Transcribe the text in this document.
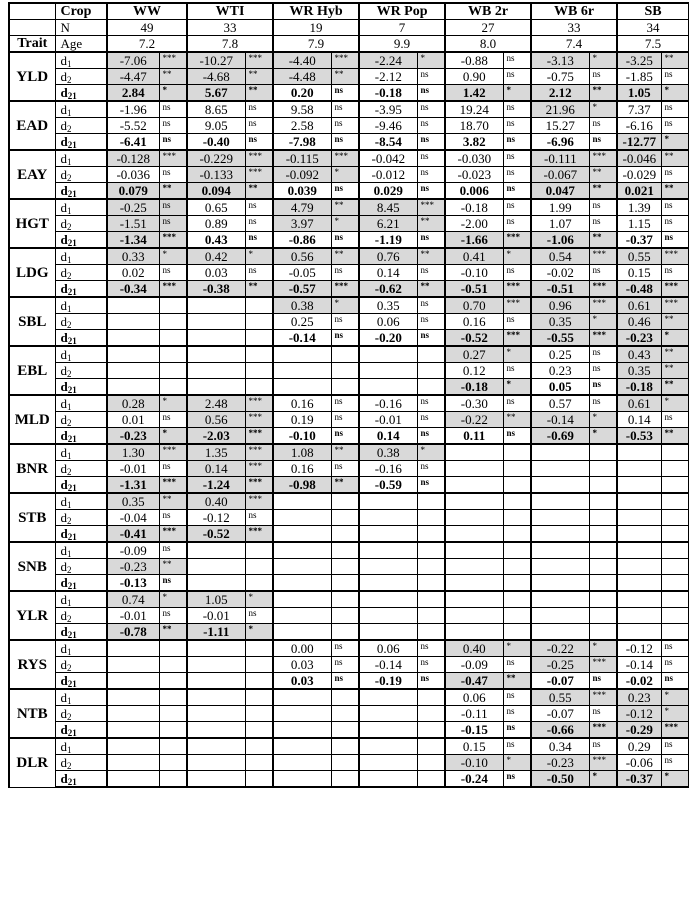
	Crop	WW		WTI		WR Hyb		WR Pop		WB 2r		WB 6r		SB	
	N	49		33		19		7		27		33		34	
Trait	Age	7.2		7.8		7.9		9.9		8.0		7.4		7.5	
YLD	$d_1$	-7.06	***	-10.27	***	-4.40	***	-2.24	*	-0.88	ns	-3.13	*	-3.25	**
	$d_2$	-4.47	**	-4.68	**	-4.48	**	-2.12	ns	0.90	ns	-0.75	ns	-1.85	ns
	$d_{21}$	2.84	*	5.67	**	0.20	ns	-0.18	ns	1.42	*	2.12	**	1.05	*
EAD	$d_1$	-1.96	ns	8.65	ns	9.58	ns	-3.95	ns	19.24	ns	21.96	*	7.37	ns
	$d_2$	-5.52	ns	9.05	ns	2.58	ns	-9.46	ns	18.70	ns	15.27	ns	-6.16	ns
	$d_{21}$	-6.41	ns	-0.40	ns	-7.98	ns	-8.54	ns	3.82	ns	-6.96	ns	-12.77	*
EAY	$d_1$	-0.128	***	-0.229	***	-0.115	***	-0.042	ns	-0.030	ns	-0.111	***	-0.046	**
	$d_2$	-0.036	ns	-0.133	***	-0.092	*	-0.012	ns	-0.023	ns	-0.067	**	-0.029	ns
	$d_{21}$	0.079	**	0.094	**	0.039	ns	0.029	ns	0.006	ns	0.047	**	0.021	**
HGT	$d_1$	-0.25	ns	0.65	ns	4.79	**	8.45	***	-0.18	ns	1.99	ns	1.39	ns
	$d_2$	-1.51	ns	0.89	ns	3.97	*	6.21	**	-2.00	ns	1.07	ns	1.15	ns
	$d_{21}$	-1.34	***	0.43	ns	-0.86	ns	-1.19	ns	-1.66	***	-1.06	**	-0.37	ns
LDG	$d_1$	0.33	*	0.42	*	0.56	**	0.76	**	0.41	*	0.54	***	0.55	***
	$d_2$	0.02	ns	0.03	ns	-0.05	ns	0.14	ns	-0.10	ns	-0.02	ns	0.15	ns
	$d_{21}$	-0.34	***	-0.38	**	-0.57	***	-0.62	**	-0.51	***	-0.51	***	-0.48	***
SBL	$d_1$					0.38	*	0.35	ns	0.70	***	0.96	***	0.61	***
	$d_2$					0.25	ns	0.06	ns	0.16	ns	0.35	*	0.46	**
	$d_{21}$					-0.14	ns	-0.20	ns	-0.52	***	-0.55	***	-0.23	*
EBL	$d_1$									0.27	*	0.25	ns	0.43	**
	$d_2$									0.12	ns	0.23	ns	0.35	**
	$d_{21}$									-0.18	*	0.05	ns	-0.18	**
MLD	$d_1$	0.28	*	2.48	***	0.16	ns	-0.16	ns	-0.30	ns	0.57	ns	0.61	*
	$d_2$	0.01	ns	0.56	***	0.19	ns	-0.01	ns	-0.22	**	-0.14	*	0.14	ns
	$d_{21}$	-0.23	*	-2.03	***	-0.10	ns	0.14	ns	0.11	ns	-0.69	*	-0.53	**
BNR	$d_1$	1.30	***	1.35	***	1.08	**	0.38	*						
	$d_2$	-0.01	ns	0.14	***	0.16	ns	-0.16	ns						
	$d_{21}$	-1.31	***	-1.24	***	-0.98	**	-0.59	ns						
STB	$d_1$	0.35	**	0.40	***										
	$d_2$	-0.04	ns	-0.12	ns										
	$d_{21}$	-0.41	***	-0.52	***										
SNB	$d_1$	-0.09	ns												
	$d_2$	-0.23	**												
	$d_{21}$	-0.13	ns												
YLR	$d_1$	0.74	*	1.05	*										
	$d_2$	-0.01	ns	-0.01	ns										
	$d_{21}$	-0.78	**	-1.11	*										
RYS	$d_1$					0.00	ns	0.06	ns	0.40	*	-0.22	*	-0.12	ns
	$d_2$					0.03	ns	-0.14	ns	-0.09	ns	-0.25	***	-0.14	ns
	$d_{21}$					0.03	ns	-0.19	ns	-0.47	**	-0.07	ns	-0.02	ns
NTB	$d_1$									0.06	ns	0.55	***	0.23	*
	$d_2$									-0.11	ns	-0.07	ns	-0.12	*
	$d_{21}$									-0.15	ns	-0.66	***	-0.29	***
DLR	$d_1$									0.15	ns	0.34	ns	0.29	ns
	$d_2$									-0.10	*	-0.23	***	-0.06	ns
	$d_{21}$									-0.24	ns	-0.50	*	-0.37	*
